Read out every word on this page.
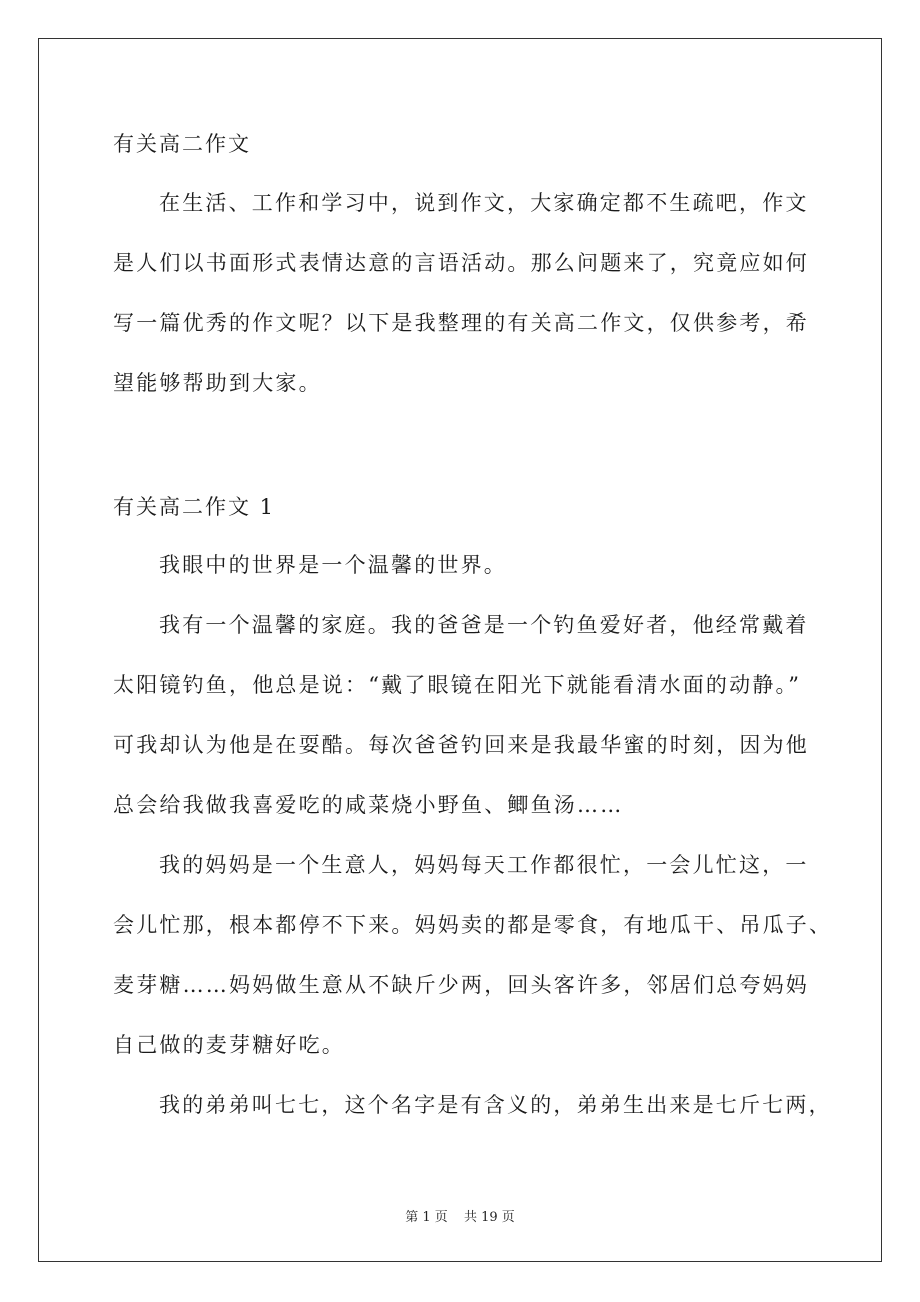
有关高二作文
在生活、工作和学习中，说到作文，大家确定都不生疏吧，作文
是人们以书面形式表情达意的言语活动。那么问题来了，究竟应如何
写一篇优秀的作文呢？以下是我整理的有关高二作文，仅供参考，希
望能够帮助到大家。
有关高二作文 1
我眼中的世界是一个温馨的世界。
我有一个温馨的家庭。我的爸爸是一个钓鱼爱好者，他经常戴着
太阳镜钓鱼，他总是说：“戴了眼镜在阳光下就能看清水面的动静。”
可我却认为他是在耍酷。每次爸爸钓回来是我最华蜜的时刻，因为他
总会给我做我喜爱吃的咸菜烧小野鱼、鲫鱼汤……
我的妈妈是一个生意人，妈妈每天工作都很忙，一会儿忙这，一
会儿忙那，根本都停不下来。妈妈卖的都是零食，有地瓜干、吊瓜子、
麦芽糖……妈妈做生意从不缺斤少两，回头客许多，邻居们总夸妈妈
自己做的麦芽糖好吃。
我的弟弟叫七七，这个名字是有含义的，弟弟生出来是七斤七两，
第 1 页 共 19 页
